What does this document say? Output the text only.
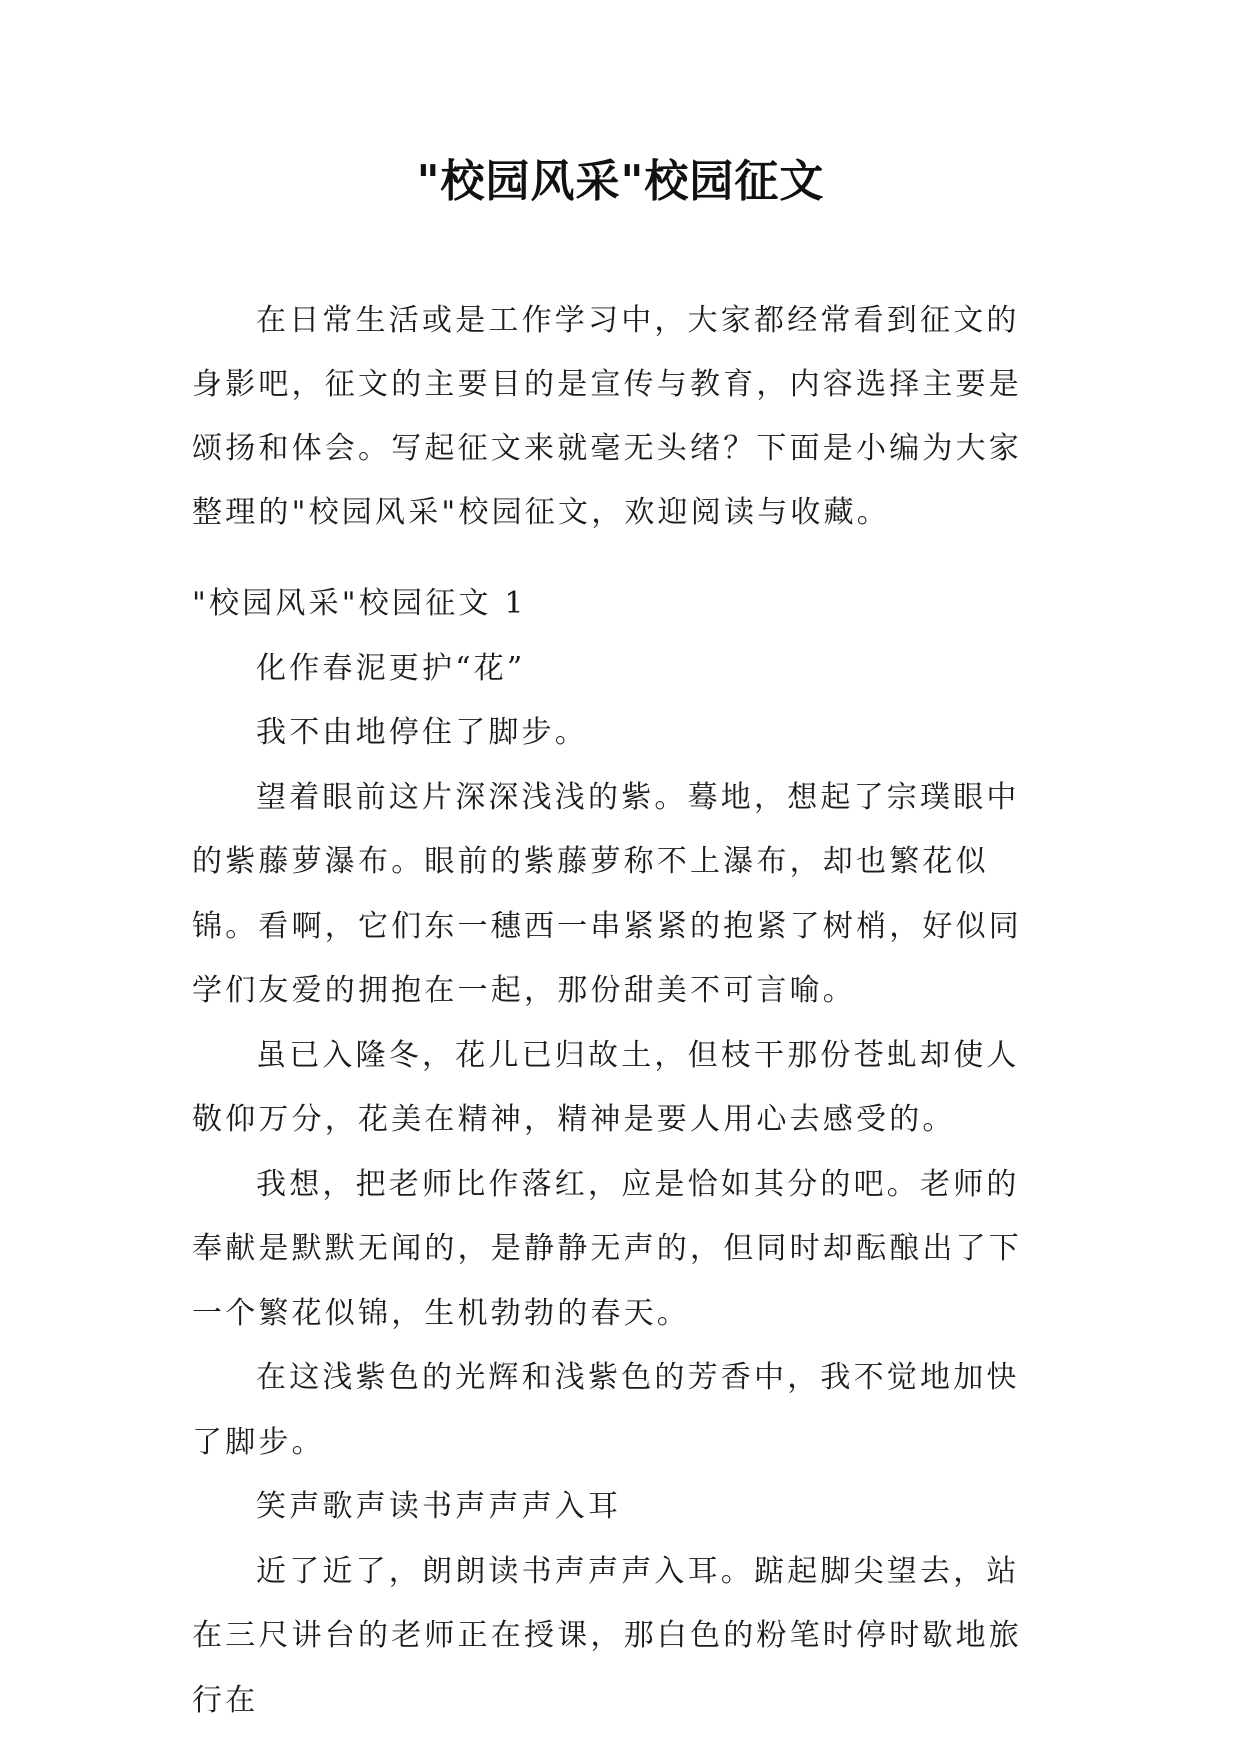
"校园风采"校园征文

在日常生活或是工作学习中，大家都经常看到征文的身影吧，征文的主要目的是宣传与教育，内容选择主要是颂扬和体会。写起征文来就毫无头绪？下面是小编为大家整理的"校园风采"校园征文，欢迎阅读与收藏。

"校园风采"校园征文 1

化作春泥更护“花”

我不由地停住了脚步。

望着眼前这片深深浅浅的紫。蓦地，想起了宗璞眼中的紫藤萝瀑布。眼前的紫藤萝称不上瀑布，却也繁花似锦。看啊，它们东一穗西一串紧紧的抱紧了树梢，好似同学们友爱的拥抱在一起，那份甜美不可言喻。

虽已入隆冬，花儿已归故土，但枝干那份苍虬却使人敬仰万分，花美在精神，精神是要人用心去感受的。

我想，把老师比作落红，应是恰如其分的吧。老师的奉献是默默无闻的，是静静无声的，但同时却酝酿出了下一个繁花似锦，生机勃勃的春天。

在这浅紫色的光辉和浅紫色的芳香中，我不觉地加快了脚步。

笑声歌声读书声声声入耳

近了近了，朗朗读书声声声入耳。踮起脚尖望去，站在三尺讲台的老师正在授课，那白色的粉笔时停时歇地旅行在
